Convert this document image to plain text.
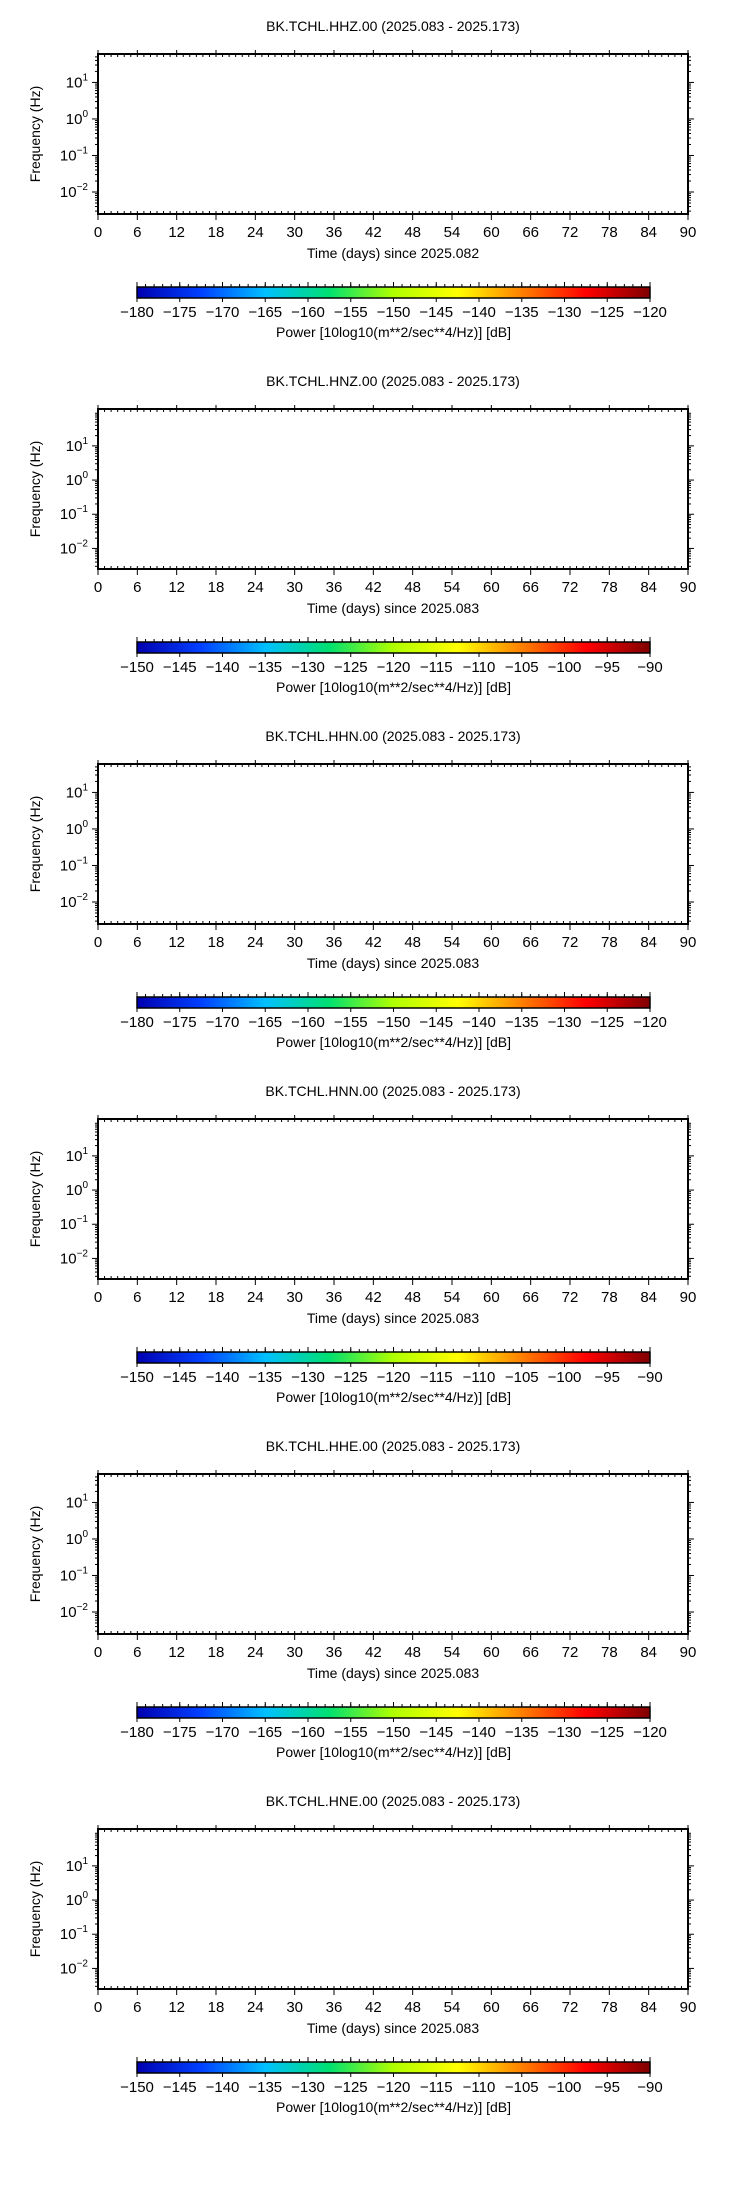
BK.TCHL.HHZ.00 (2025.083 - 2025.173)
0 6 12 18 24 30 36 42 48 54 60 66 72 78 84 90
Time (days) since 2025.082
$10^1$
$10^0$
$10^{-1}$
$10^{-2}$
Frequency (Hz)
−180 −175 −170 −165 −160 −155 −150 −145 −140 −135 −130 −125 −120
Power [10log10(m**2/sec**4/Hz)] [dB]
BK.TCHL.HNZ.00 (2025.083 - 2025.173)
0 6 12 18 24 30 36 42 48 54 60 66 72 78 84 90
Time (days) since 2025.083
$10^1$
$10^0$
$10^{-1}$
$10^{-2}$
Frequency (Hz)
−150 −145 −140 −135 −130 −125 −120 −115 −110 −105 −100 −95 −90
Power [10log10(m**2/sec**4/Hz)] [dB]
BK.TCHL.HHN.00 (2025.083 - 2025.173)
0 6 12 18 24 30 36 42 48 54 60 66 72 78 84 90
Time (days) since 2025.083
$10^1$
$10^0$
$10^{-1}$
$10^{-2}$
Frequency (Hz)
−180 −175 −170 −165 −160 −155 −150 −145 −140 −135 −130 −125 −120
Power [10log10(m**2/sec**4/Hz)] [dB]
BK.TCHL.HNN.00 (2025.083 - 2025.173)
0 6 12 18 24 30 36 42 48 54 60 66 72 78 84 90
Time (days) since 2025.083
$10^1$
$10^0$
$10^{-1}$
$10^{-2}$
Frequency (Hz)
−150 −145 −140 −135 −130 −125 −120 −115 −110 −105 −100 −95 −90
Power [10log10(m**2/sec**4/Hz)] [dB]
BK.TCHL.HHE.00 (2025.083 - 2025.173)
0 6 12 18 24 30 36 42 48 54 60 66 72 78 84 90
Time (days) since 2025.083
$10^1$
$10^0$
$10^{-1}$
$10^{-2}$
Frequency (Hz)
−180 −175 −170 −165 −160 −155 −150 −145 −140 −135 −130 −125 −120
Power [10log10(m**2/sec**4/Hz)] [dB]
BK.TCHL.HNE.00 (2025.083 - 2025.173)
0 6 12 18 24 30 36 42 48 54 60 66 72 78 84 90
Time (days) since 2025.083
$10^1$
$10^0$
$10^{-1}$
$10^{-2}$
Frequency (Hz)
−150 −145 −140 −135 −130 −125 −120 −115 −110 −105 −100 −95 −90
Power [10log10(m**2/sec**4/Hz)] [dB]
